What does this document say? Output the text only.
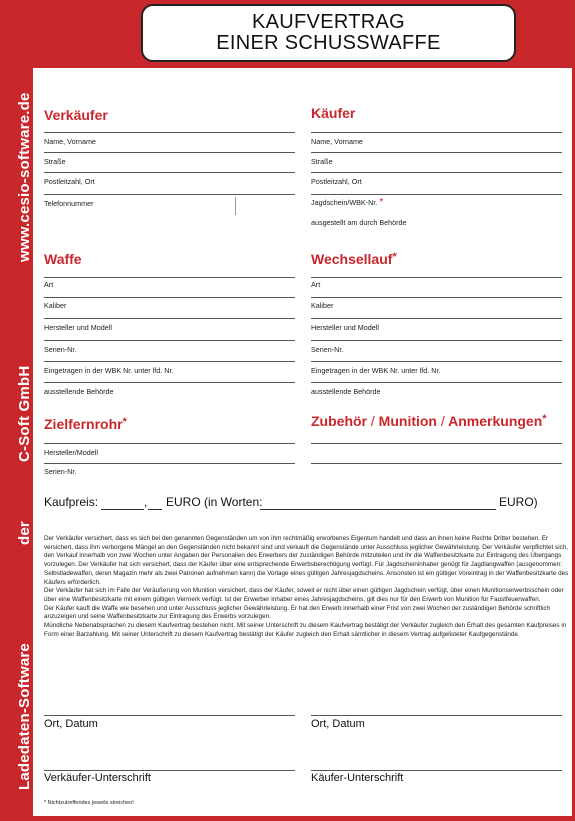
Ladedaten-Software
der
C-Soft GmbH
www.cesio-software.de
KAUFVERTRAG
EINER SCHUSSWAFFE
Verkäufer
Name, Vorname
Straße
Postleitzahl, Ort
Telefonnummer
Käufer
Name, Vorname
Straße
Postleitzahl, Ort
Jagdschein/WBK-Nr. *
ausgestellt am durch Behörde
Waffe
Art
Kaliber
Hersteller und Modell
Serien-Nr.
Eingetragen in der WBK Nr. unter lfd. Nr.
ausstellende Behörde
Wechsellauf*
Art
Kaliber
Hersteller und Modell
Serien-Nr.
Eingetragen in der WBK Nr. unter lfd. Nr.
ausstellende Behörde
Zielfernrohr*
Hersteller/Modell
Serien-Nr.
Zubehör / Munition / Anmerkungen*
Kaufpreis:	, EURO (in Worten:	EURO)

Der Verkäufer versichert, dass es sich bei den genannten Gegenständen um von ihm rechtmäßig erworbenes Eigentum handelt und dass an ihnen keine Rechte Dritter bestehen. Er versichert, dass ihm verborgene Mängel an den Gegenständen nicht bekannt sind und verkauft die Gegenstände unter Ausschluss jeglicher Gewährleistung. Der Verkäufer verpflichtet sich, den Verkauf innerhalb von zwei Wochen unter Angaben der Personalien des Erwerbers der zuständigen Behörde mitzuteilen und ihr die Waffenbesitzkarte zur Eintragung des Übergangs vorzulegen. Der Verkäufer hat sich versichert, dass der Käufer über eine entsprechende Erwerbsberechtigung verfügt. Für Jagdscheininhaber genügt für Jagdlangwaffen (ausgenommen: Selbstladewaffen, deren Magazin mehr als zwei Patronen aufnehmen kann) die Vorlage eines gültigen Jahresjagdscheins. Ansonsten ist ein gültiger Voreintrag in der Waffenbesitzkarte des Käufers erforderlich.

Der Verkäufer hat sich im Falle der Veräußerung von Munition versichert, dass der Käufer, soweit er nicht über einen gültigen Jagdschein verfügt, über einen Munitionserwerbsschein oder über eine Waffenbesitzkarte mit einem gültigen Vermerk verfügt. Ist der Erwerber Inhaber eines Jahresjagdscheins, gilt dies nur für den Erwerb von Munition für Faustfeuerwaffen.

Der Käufer kauft die Waffe wie besehen und unter Ausschluss jeglicher Gewährleistung. Er hat den Erwerb innerhalb einer Frist von zwei Wochen der zuständigen Behörde schriftlich anzuzeigen und seine Waffenbesitzkarte zur Eintragung des Erwerbs vorzulegen.

Mündliche Nebenabsprachen zu diesem Kaufvertrag bestehen nicht. Mit seiner Unterschrift zu diesem Kaufvertrag bestätigt der Verkäufer zugleich den Erhalt des gesamten Kaufpreises in Form einer Barzahlung. Mit seiner Unterschrift zu diesem Kaufvertrag bestätigt der Käufer zugleich den Erhalt sämtlicher in diesem Vertrag aufgelisteter Kaufgegenstände.

Ort, Datum	Ort, Datum
Verkäufer-Unterschrift	Käufer-Unterschrift
* Nichtzutreffendes jeweils streichen!
